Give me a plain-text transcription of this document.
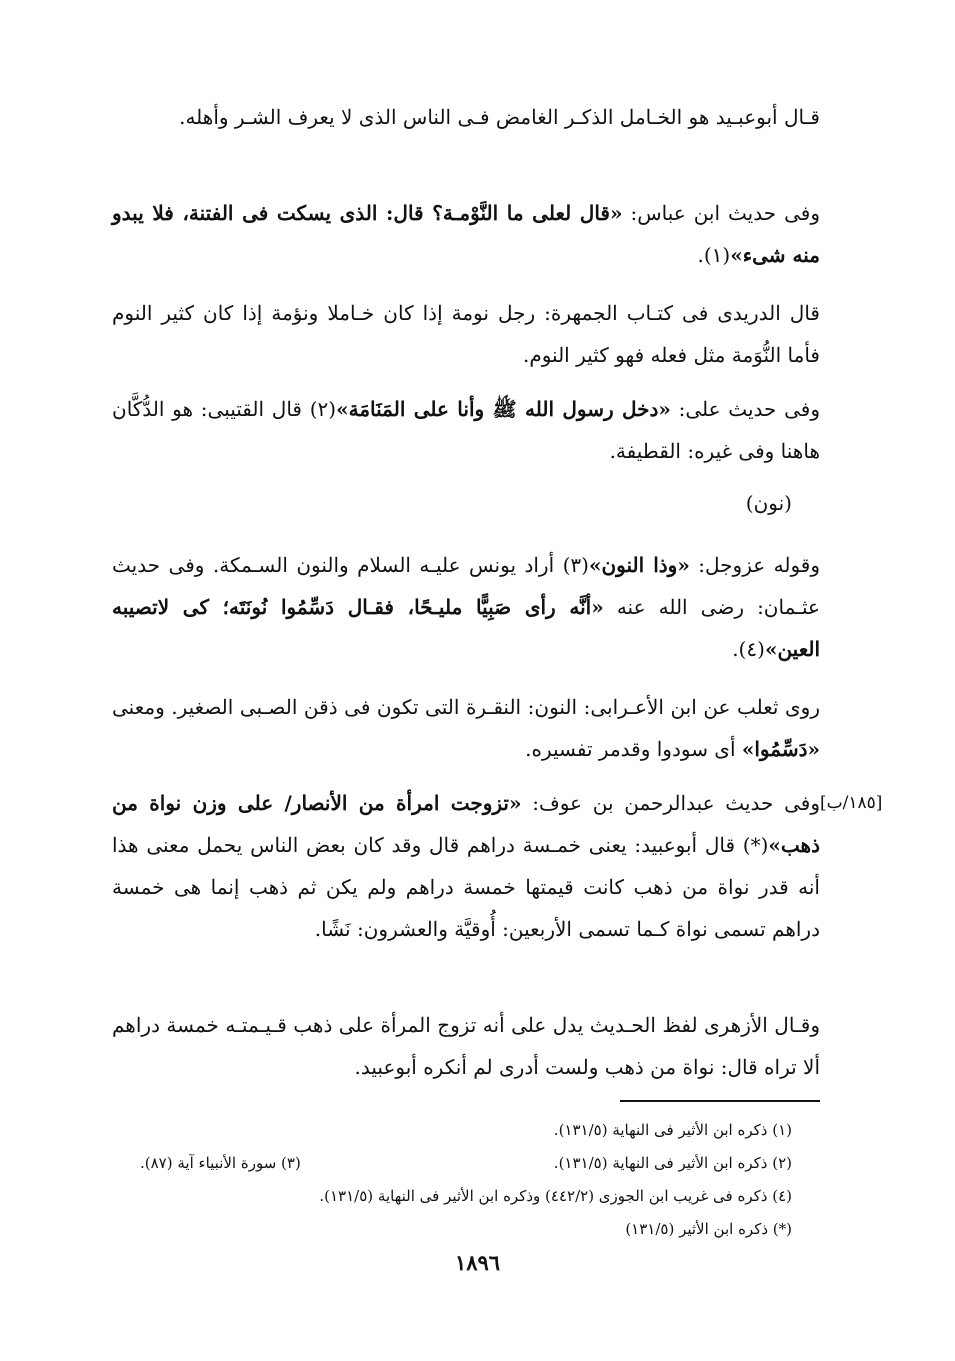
قـال أبوعبـيد هو الخـامل الذكـر الغامض فـى الناس الذى لا يعرف الشـر وأهله.

وفى حديث ابن عباس: «قال لعلى ما النَّوْمـة؟ قال: الذى يسكت فى الفتنة، فلا يبدو منه شىء»(١).

قال الدريدى فى كتـاب الجمهرة: رجل نومة إذا كان خـاملا ونؤمة إذا كان كثير النوم فأما النُّوَمة مثل فعله فهو كثير النوم.

وفى حديث على: «دخل رسول الله ﷺ وأنا على المَنَامَة»(٢) قال القتيبى: هو الدُّكَّان هاهنا وفى غيره: القطيفة.

(نون)

وقوله عزوجل: «وذا النون»(٣) أراد يونس عليـه السلام والنون السـمكة. وفى حديث عثـمان: رضى الله عنه «أنَّه رأى صَبِيًّا مليـحًا، فقـال دَسِّمُوا نُونَتَه؛ كى لاتصيبه العين»(٤).

روى ثعلب عن ابن الأعـرابى: النون: النقـرة التى تكون فى ذقن الصـبى الصغير. ومعنى «دَسِّمُوا» أى سودوا وقدمر تفسيره.

[١٨٥/ب]

وفى حديث عبدالرحمن بن عوف: «تزوجت امرأة من الأنصار/ على وزن نواة من ذهب»(*) قال أبوعبيد: يعنى خمـسة دراهم قال وقد كان بعض الناس يحمل معنى هذا أنه قدر نواة من ذهب كانت قيمتها خمسة دراهم ولم يكن ثم ذهب إنما هى خمسة دراهم تسمى نواة كـما تسمى الأربعين: أُوقيَّة والعشرون: نَشًا.

وقـال الأزهرى لفظ الحـديث يدل على أنه تزوج المرأة على ذهب قـيـمتـه خمسة دراهم ألا تراه قال: نواة من ذهب ولست أدرى لم أنكره أبوعبيد.

(١) ذكره ابن الأثير فى النهاية (١٣١/٥).
(٢) ذكره ابن الأثير فى النهاية (١٣١/٥).
(٣) سورة الأنبياء آية (٨٧).
(٤) ذكره فى غريب ابن الجوزى (٤٤٢/٢) وذكره ابن الأثير فى النهاية (١٣١/٥).
(*) ذكره ابن الأثير (١٣١/٥)
١٨٩٦
